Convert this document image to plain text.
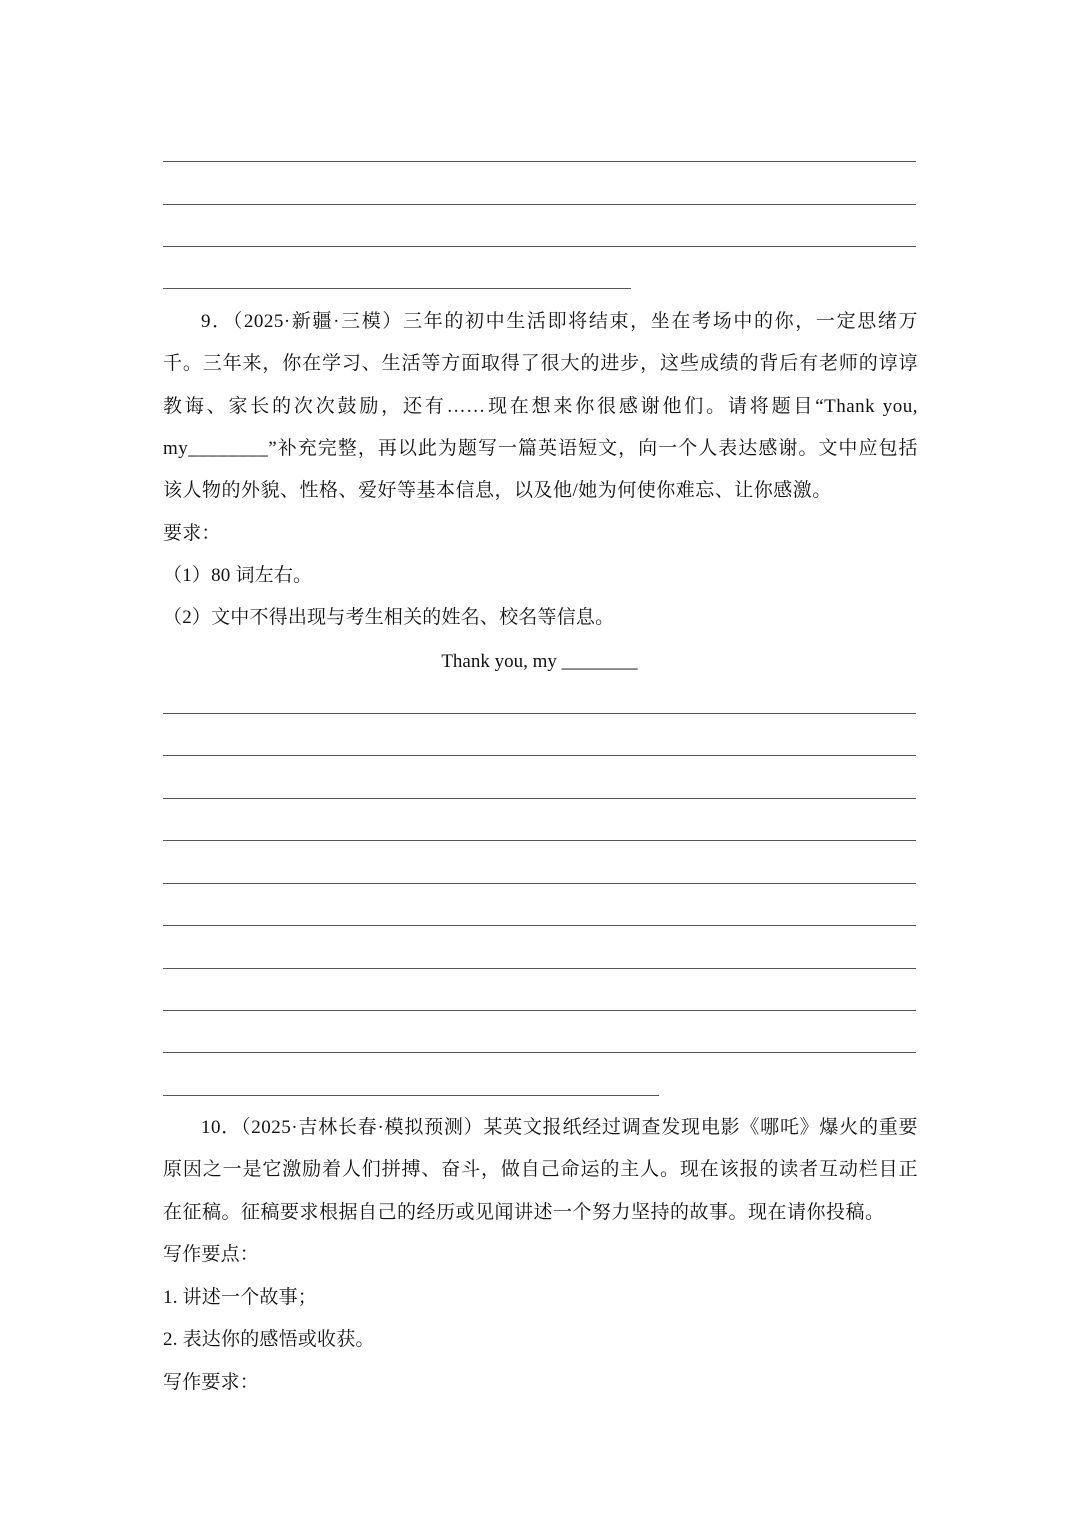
9．（2025·新疆·三模）三年的初中生活即将结束，坐在考场中的你，一定思绪万千。三年来，你在学习、生活等方面取得了很大的进步，这些成绩的背后有老师的谆谆教诲、家长的次次鼓励，还有……现在想来你很感谢他们。请将题目“Thank you, my________”补充完整，再以此为题写一篇英语短文，向一个人表达感谢。文中应包括该人物的外貌、性格、爱好等基本信息，以及他/她为何使你难忘、让你感激。
要求：
（1）80 词左右。
（2）文中不得出现与考生相关的姓名、校名等信息。
Thank you, my ________
10．（2025·吉林长春·模拟预测）某英文报纸经过调查发现电影《哪吒》爆火的重要原因之一是它激励着人们拼搏、奋斗，做自己命运的主人。现在该报的读者互动栏目正在征稿。征稿要求根据自己的经历或见闻讲述一个努力坚持的故事。现在请你投稿。
写作要点：
1. 讲述一个故事；
2. 表达你的感悟或收获。
写作要求：
